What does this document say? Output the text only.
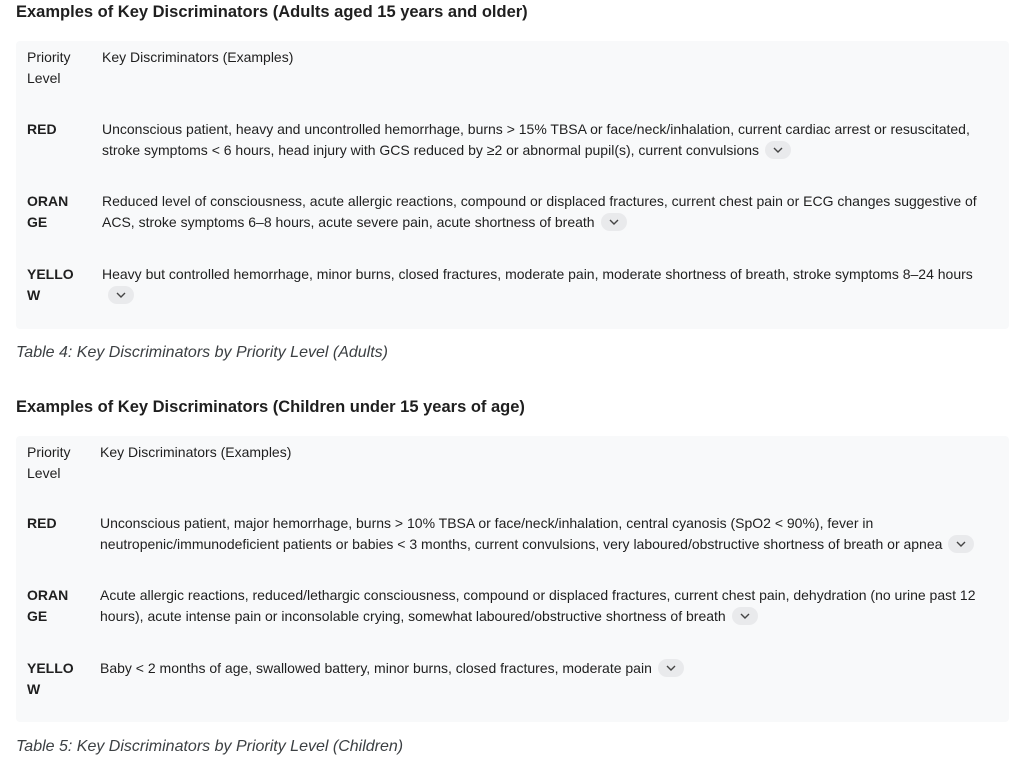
Examples of Key Discriminators (Adults aged 15 years and older)
Priority Level
Key Discriminators (Examples)
RED	Unconscious patient, heavy and uncontrolled hemorrhage, burns > 15% TBSA or face/neck/inhalation, current cardiac arrest or resuscitated, stroke symptoms < 6 hours, head injury with GCS reduced by ≥2 or abnormal pupil(s), current convulsions
ORANGE
Reduced level of consciousness, acute allergic reactions, compound or displaced fractures, current chest pain or ECG changes suggestive of ACS, stroke symptoms 6–8 hours, acute severe pain, acute shortness of breath
YELLOW
Heavy but controlled hemorrhage, minor burns, closed fractures, moderate pain, moderate shortness of breath, stroke symptoms 8–24 hours

Table 4: Key Discriminators by Priority Level (Adults)

Examples of Key Discriminators (Children under 15 years of age)
Priority Level
Key Discriminators (Examples)
RED	Unconscious patient, major hemorrhage, burns > 10% TBSA or face/neck/inhalation, central cyanosis (SpO2 < 90%), fever in neutropenic/immunodeficient patients or babies < 3 months, current convulsions, very laboured/obstructive shortness of breath or apnea
ORANGE
Acute allergic reactions, reduced/lethargic consciousness, compound or displaced fractures, current chest pain, dehydration (no urine past 12 hours), acute intense pain or inconsolable crying, somewhat laboured/obstructive shortness of breath
YELLOW
Baby < 2 months of age, swallowed battery, minor burns, closed fractures, moderate pain

Table 5: Key Discriminators by Priority Level (Children)
